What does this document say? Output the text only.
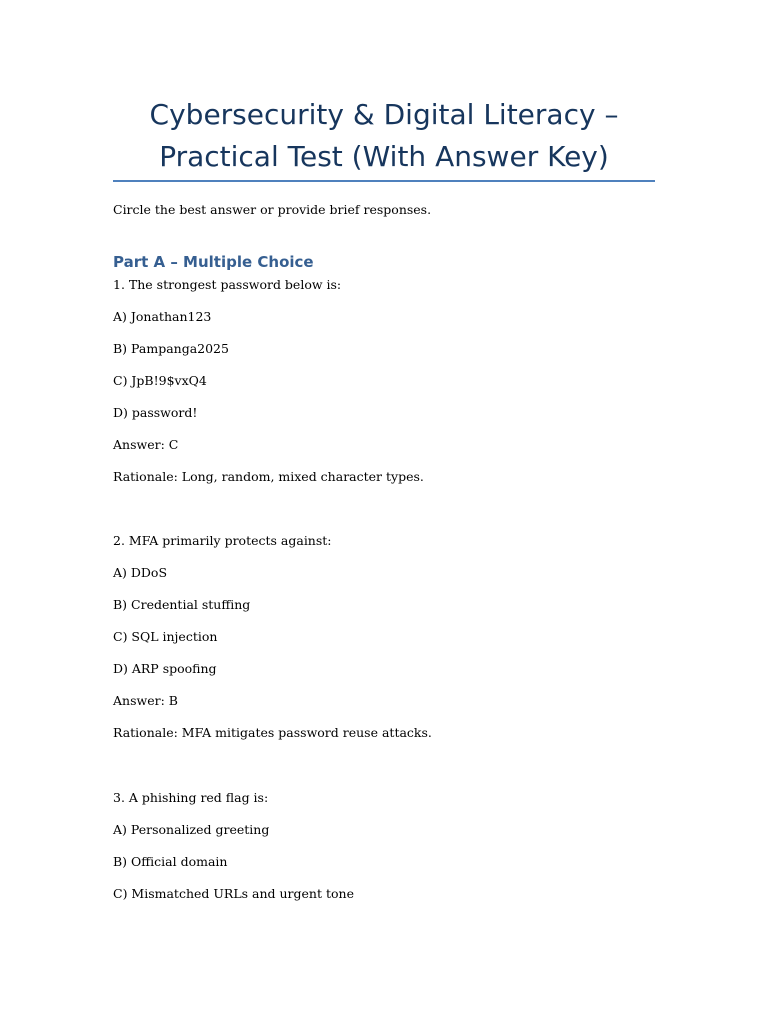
Cybersecurity & Digital Literacy –
Practical Test (With Answer Key)

Circle the best answer or provide brief responses.

Part A – Multiple Choice

1. The strongest password below is:

A) Jonathan123

B) Pampanga2025

C) JpB!9$vxQ4

D) password!

Answer: C

Rationale: Long, random, mixed character types.

2. MFA primarily protects against:

A) DDoS

B) Credential stuffing

C) SQL injection

D) ARP spoofing

Answer: B

Rationale: MFA mitigates password reuse attacks.

3. A phishing red flag is:

A) Personalized greeting

B) Official domain

C) Mismatched URLs and urgent tone
